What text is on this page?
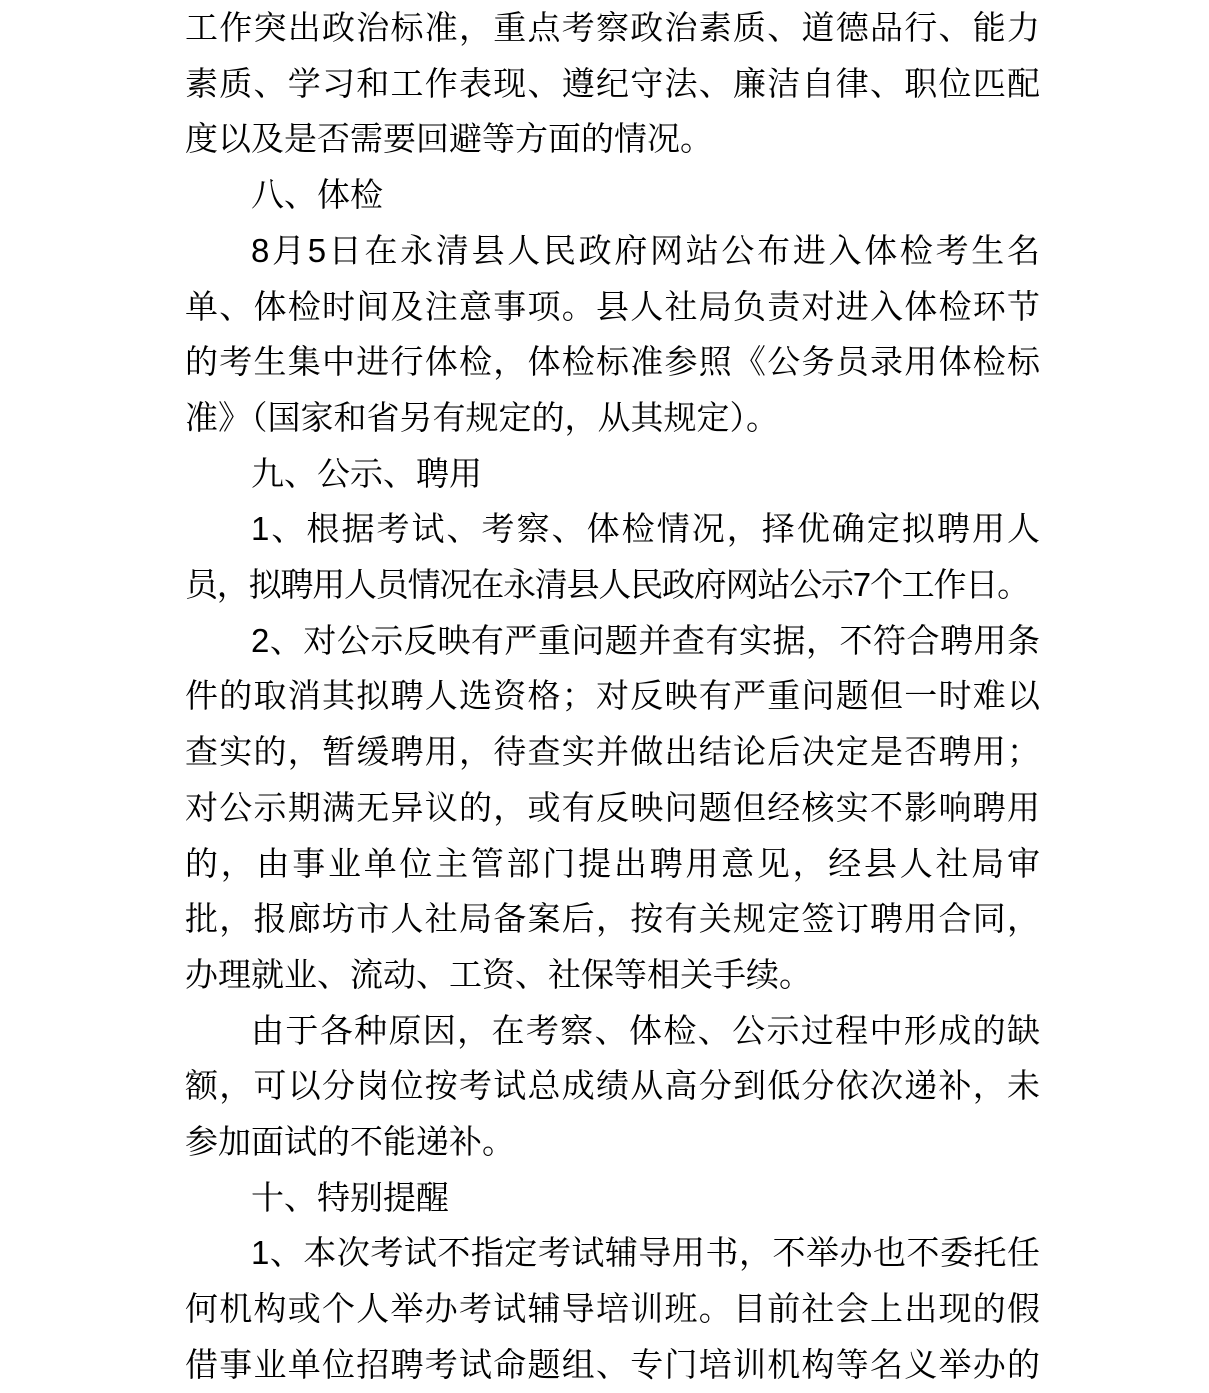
工作突出政治标准，重点考察政治素质、道德品行、能力
素质、学习和工作表现、遵纪守法、廉洁自律、职位匹配
度以及是否需要回避等方面的情况。
八、体检
8月5日在永清县人民政府网站公布进入体检考生名
单、体检时间及注意事项。县人社局负责对进入体检环节
的考生集中进行体检，体检标准参照《公务员录用体检标
准》（国家和省另有规定的，从其规定）。
九、公示、聘用
1、根据考试、考察、体检情况，择优确定拟聘用人
员，拟聘用人员情况在永清县人民政府网站公示7个工作日。
2、对公示反映有严重问题并查有实据，不符合聘用条
件的取消其拟聘人选资格；对反映有严重问题但一时难以
查实的，暂缓聘用，待查实并做出结论后决定是否聘用；
对公示期满无异议的，或有反映问题但经核实不影响聘用
的，由事业单位主管部门提出聘用意见，经县人社局审
批，报廊坊市人社局备案后，按有关规定签订聘用合同，
办理就业、流动、工资、社保等相关手续。
由于各种原因，在考察、体检、公示过程中形成的缺
额，可以分岗位按考试总成绩从高分到低分依次递补，未
参加面试的不能递补。
十、特别提醒
1、本次考试不指定考试辅导用书，不举办也不委托任
何机构或个人举办考试辅导培训班。目前社会上出现的假
借事业单位招聘考试命题组、专门培训机构等名义举办的
